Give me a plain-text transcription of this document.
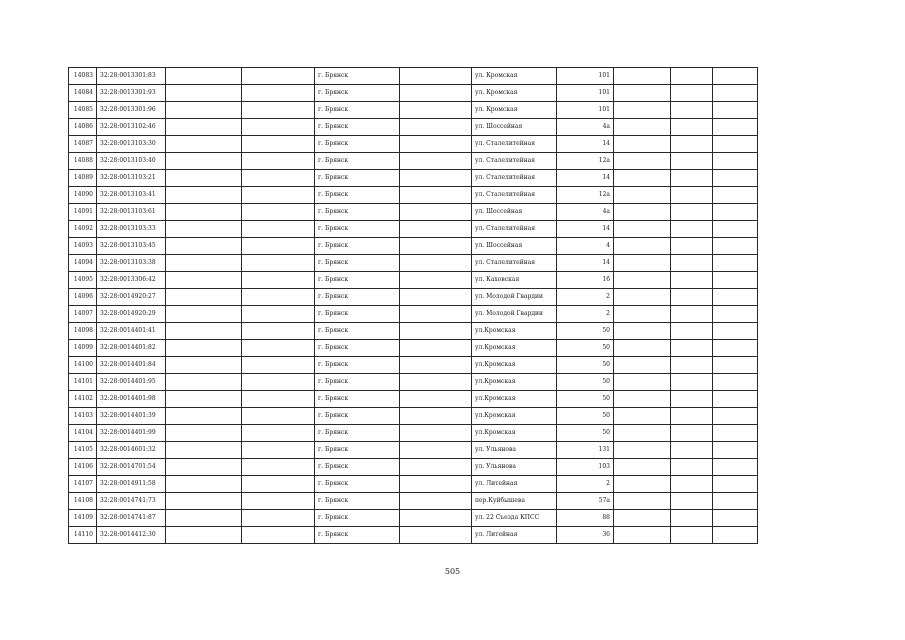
14083	32:28:0013301:83			г. Брянск		ул. Кромская	101			
14084	32:28:0013301:93			г. Брянск		ул. Кромская	101			
14085	32:28:0013301:96			г. Брянск		ул. Кромская	101			
14086	32:28:0013102:46			г. Брянск		ул. Шоссейная	4а			
14087	32:28:0013103:30			г. Брянск		ул. Сталелитейная	14			
14088	32:28:0013103:40			г. Брянск		ул. Сталелитейная	12а			
14089	32:28:0013103:21			г. Брянск		ул. Сталелитейная	14			
14090	32:28:0013103:41			г. Брянск		ул. Сталелитейная	12а			
14091	32:28:0013103:61			г. Брянск		ул. Шоссейная	4а			
14092	32:28:0013103:33			г. Брянск		ул. Сталелитейная	14			
14093	32:28:0013103:45			г. Брянск		ул. Шоссейная	4			
14094	32:28:0013103:38			г. Брянск		ул. Сталелитейная	14			
14095	32:28:0013306:42			г. Брянск		ул. Каховская	1б			
14096	32:28:0014920:27			г. Брянск		ул. Молодой Гвардии	2			
14097	32:28:0014920:29			г. Брянск		ул. Молодой Гвардии	2			
14098	32:28:0014401:41			г. Брянск		ул.Кромская	50			
14099	32:28:0014401:82			г. Брянск		ул.Кромская	50			
14100	32:28:0014401:84			г. Брянск		ул.Кромская	50			
14101	32:28:0014401:95			г. Брянск		ул.Кромская	50			
14102	32:28:0014401:98			г. Брянск		ул.Кромская	50			
14103	32:28:0014401:39			г. Брянск		ул.Кромская	50			
14104	32:28:0014401:99			г. Брянск		ул.Кромская	50			
14105	32:28:0014601:32			г. Брянск		ул. Ульянова	131			
14106	32:28:0014701:54			г. Брянск		ул. Ульянова	103			
14107	32:28:0014911:58			г. Брянск		ул. Литейная	2			
14108	32:28:0014741:73			г. Брянск		пер.Куйбышева	57а			
14109	32:28:0014741:87			г. Брянск		ул. 22 Съезда КПСС	88			
14110	32:28:0014412:30			г. Брянск		ул. Литейная	36			
505
